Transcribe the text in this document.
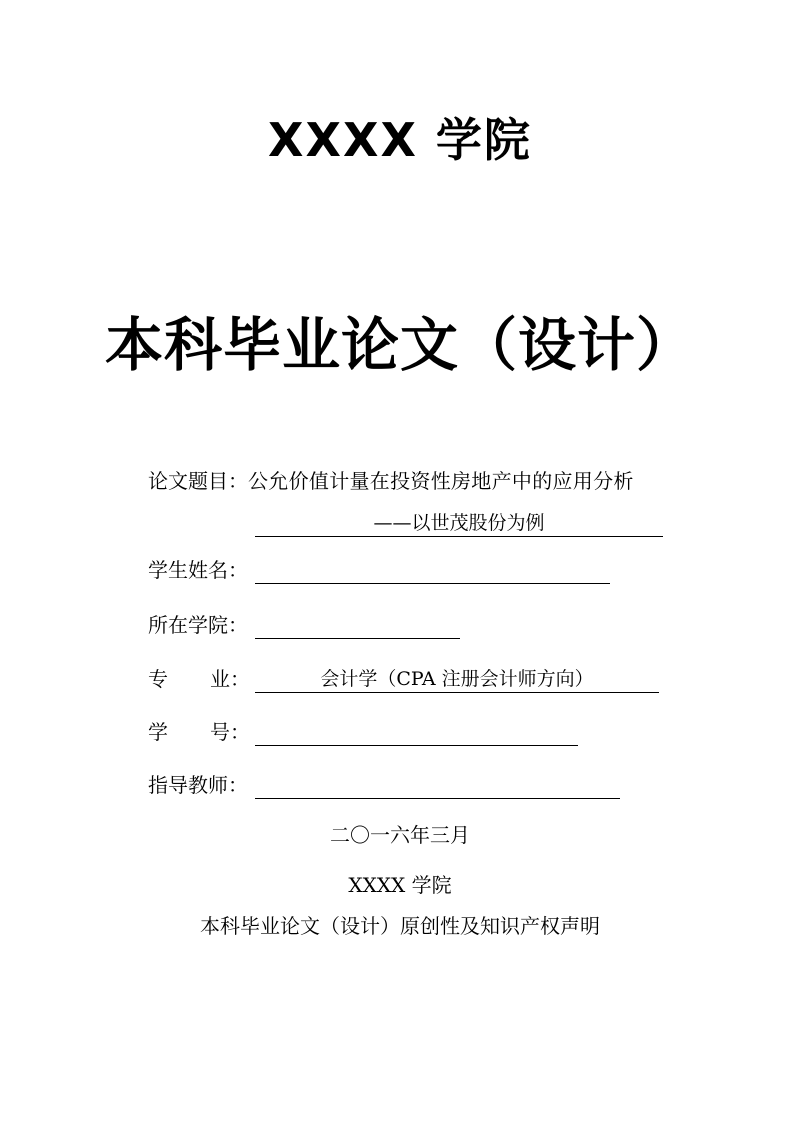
XXXX 学院
本科毕业论文（设计）
论文题目：公允价值计量在投资性房地产中的应用分析
——以世茂股份为例
学生姓名：
所在学院：
专 业：	会计学（CPA 注册会计师方向）
学 号：
指导教师：
二〇一六年三月
XXXX 学院
本科毕业论文（设计）原创性及知识产权声明
